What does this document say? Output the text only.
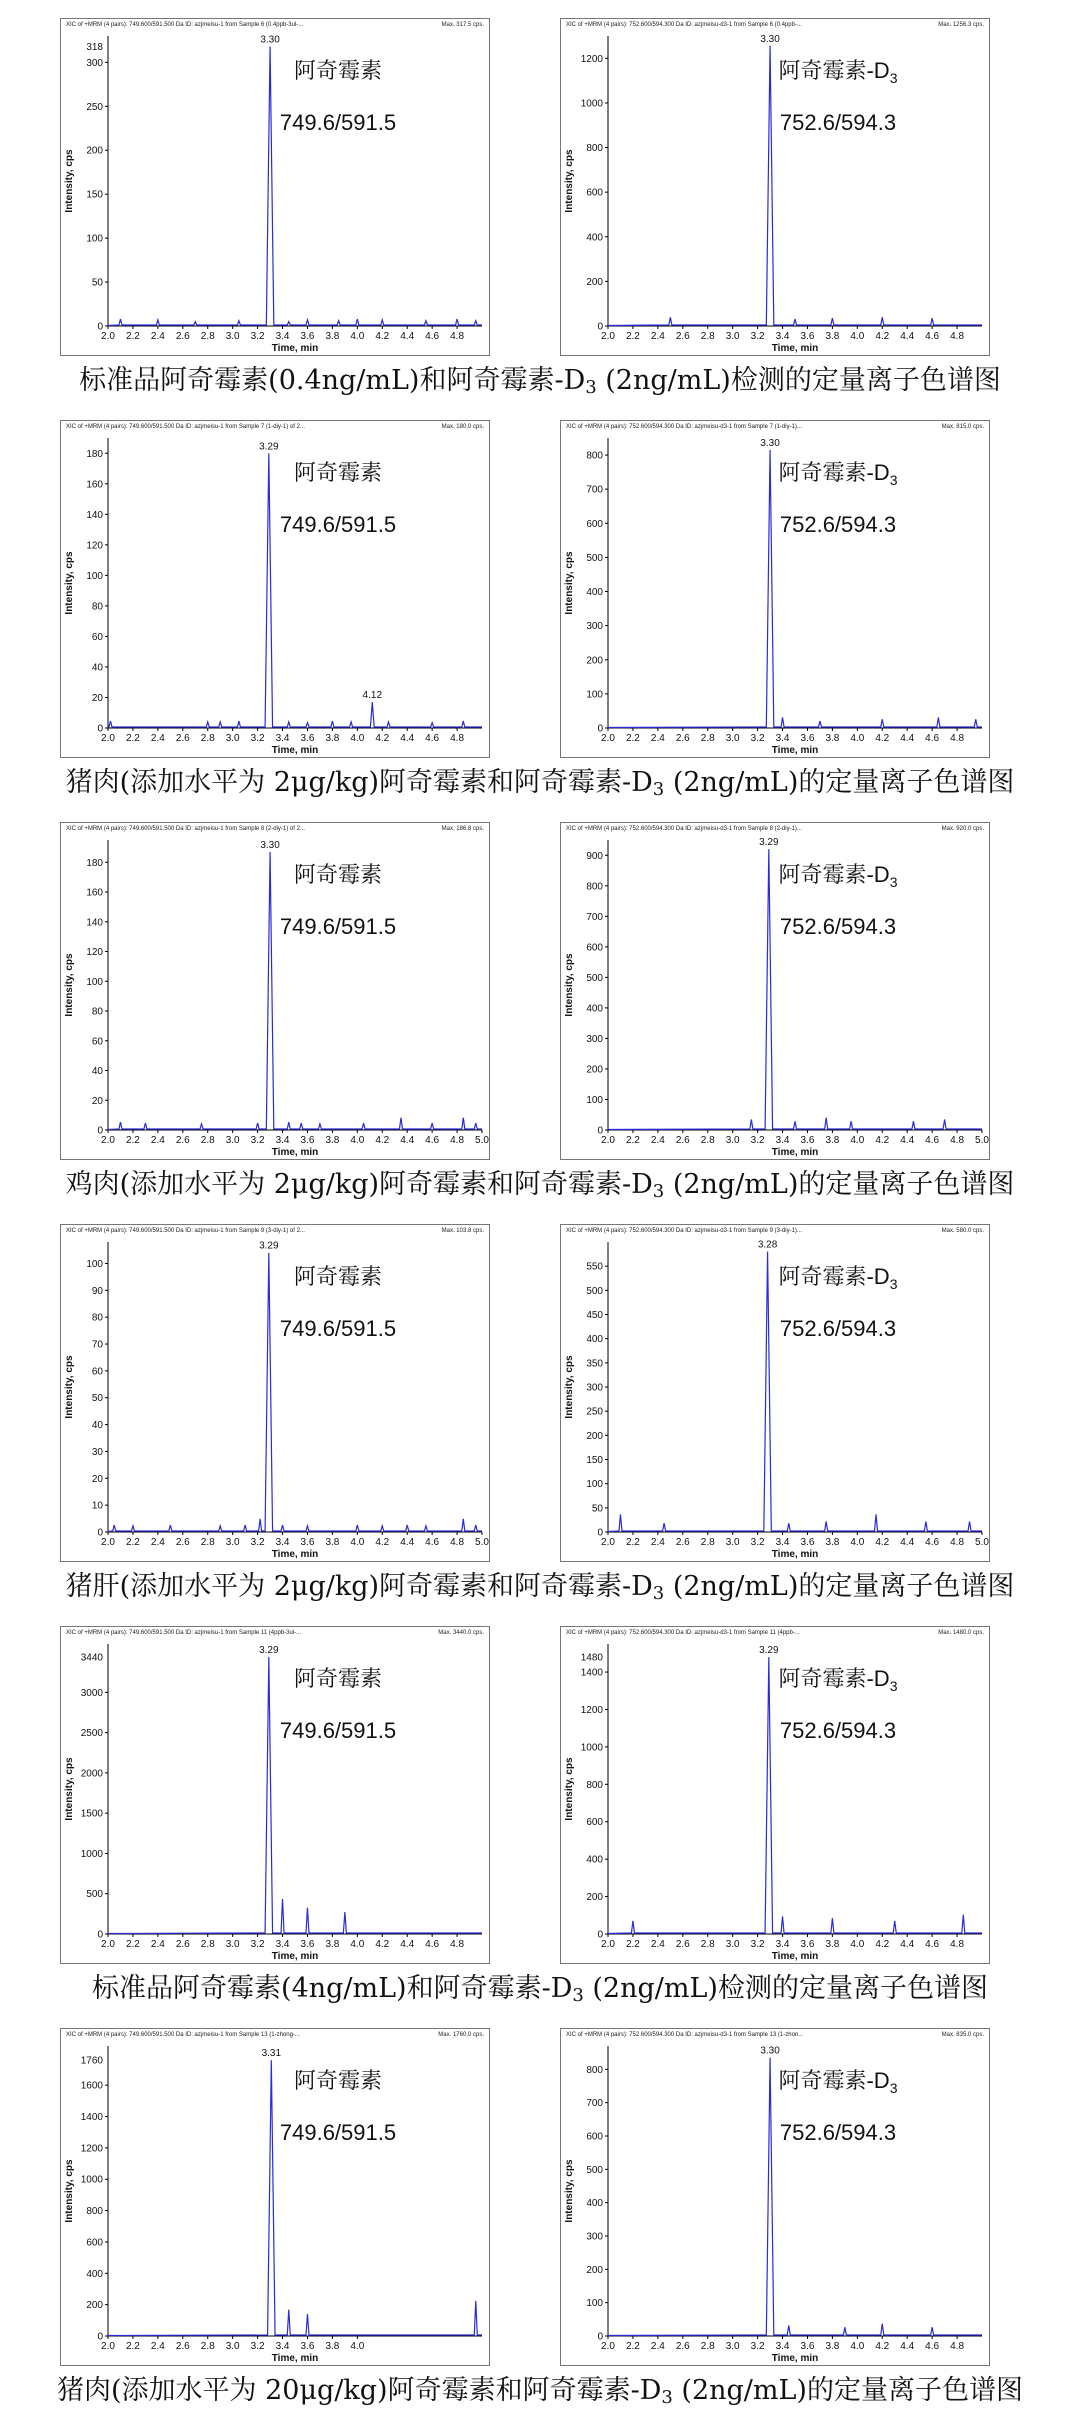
XIC of +MRM (4 pairs): 749.600/591.500 Da ID: azjmeisu-1 from Sample 6 (0.4ppb-3ul-...	Max. 317.5 cps.
0
50
100
150
200
250
300
318
2.0 2.2 2.4 2.6 2.8 3.0 3.2 3.4 3.6 3.8 4.0 4.2 4.4 4.6 4.8
Time, min
Intensity, cps
3.30
阿奇霉素
749.6/591.5
XIC of +MRM (4 pairs): 752.600/594.300 Da ID: azjmeisu-d3-1 from Sample 6 (0.4ppb-...	Max. 1256.3 cps.
0
200
400
600
800
1000
1200
2.0 2.2 2.4 2.6 2.8 3.0 3.2 3.4 3.6 3.8 4.0 4.2 4.4 4.6 4.8
Time, min
Intensity, cps
3.30
阿奇霉素$-D_3$
752.6/594.3
标准品阿奇霉素(0.4ng/mL)和阿奇霉素$-D_3$ (2ng/mL)检测的定量离子色谱图
XIC of +MRM (4 pairs): 749.600/591.500 Da ID: azjmeisu-1 from Sample 7 (1-diy-1) of 2...	Max. 180.0 cps.
0
20
40
60
80
100
120
140
160
180
2.0 2.2 2.4 2.6 2.8 3.0 3.2 3.4 3.6 3.8 4.0 4.2 4.4 4.6 4.8
Time, min
Intensity, cps
3.29
4.12
阿奇霉素
749.6/591.5
XIC of +MRM (4 pairs): 752.600/594.300 Da ID: azjmeisu-d3-1 from Sample 7 (1-diy-1)...	Max. 815.0 cps.
0
100
200
300
400
500
600
700
800
2.0 2.2 2.4 2.6 2.8 3.0 3.2 3.4 3.6 3.8 4.0 4.2 4.4 4.6 4.8
Time, min
Intensity, cps
3.30
阿奇霉素$-D_3$
752.6/594.3
猪肉(添加水平为 2μg/kg)阿奇霉素和阿奇霉素$-D_3$ (2ng/mL)的定量离子色谱图
XIC of +MRM (4 pairs): 749.600/591.500 Da ID: azjmeisu-1 from Sample 8 (2-diy-1) of 2...	Max. 186.8 cps.
0
20
40
60
80
100
120
140
160
180
2.0 2.2 2.4 2.6 2.8 3.0 3.2 3.4 3.6 3.8 4.0 4.2 4.4 4.6 4.8 5.0
Time, min
Intensity, cps
3.30
阿奇霉素
749.6/591.5
XIC of +MRM (4 pairs): 752.600/594.300 Da ID: azjmeisu-d3-1 from Sample 8 (2-diy-1)...	Max. 920.0 cps.
0
100
200
300
400
500
600
700
800
900
2.0 2.2 2.4 2.6 2.8 3.0 3.2 3.4 3.6 3.8 4.0 4.2 4.4 4.6 4.8 5.0
Time, min
Intensity, cps
3.29
阿奇霉素$-D_3$
752.6/594.3
鸡肉(添加水平为 2μg/kg)阿奇霉素和阿奇霉素$-D_3$ (2ng/mL)的定量离子色谱图
XIC of +MRM (4 pairs): 749.600/591.500 Da ID: azjmeisu-1 from Sample 9 (3-diy-1) of 2...	Max. 103.8 cps.
0
10
20
30
40
50
60
70
80
90
100
2.0 2.2 2.4 2.6 2.8 3.0 3.2 3.4 3.6 3.8 4.0 4.2 4.4 4.6 4.8 5.0
Time, min
Intensity, cps
3.29
阿奇霉素
749.6/591.5
XIC of +MRM (4 pairs): 752.600/594.300 Da ID: azjmeisu-d3-1 from Sample 9 (3-diy-1)...	Max. 580.0 cps.
0
50
100
150
200
250
300
350
400
450
500
550
2.0 2.2 2.4 2.6 2.8 3.0 3.2 3.4 3.6 3.8 4.0 4.2 4.4 4.6 4.8 5.0
Time, min
Intensity, cps
3.28
阿奇霉素$-D_3$
752.6/594.3
猪肝(添加水平为 2μg/kg)阿奇霉素和阿奇霉素$-D_3$ (2ng/mL)的定量离子色谱图
XIC of +MRM (4 pairs): 749.600/591.500 Da ID: azjmeisu-1 from Sample 11 (4ppb-3ul-...	Max. 3440.0 cps.
0
500
1000
1500
2000
2500
3000
3440
2.0 2.2 2.4 2.6 2.8 3.0 3.2 3.4 3.6 3.8 4.0 4.2 4.4 4.6 4.8
Time, min
Intensity, cps
3.29
阿奇霉素
749.6/591.5
XIC of +MRM (4 pairs): 752.600/594.300 Da ID: azjmeisu-d3-1 from Sample 11 (4ppb-...	Max. 1480.0 cps.
0
200
400
600
800
1000
1200
1400
1480
2.0 2.2 2.4 2.6 2.8 3.0 3.2 3.4 3.6 3.8 4.0 4.2 4.4 4.6 4.8
Time, min
Intensity, cps
3.29
阿奇霉素$-D_3$
752.6/594.3
标准品阿奇霉素(4ng/mL)和阿奇霉素$-D_3$ (2ng/mL)检测的定量离子色谱图
XIC of +MRM (4 pairs): 749.600/591.500 Da ID: azjmeisu-1 from Sample 13 (1-zhong-...	Max. 1760.0 cps.
0
200
400
600
800
1000
1200
1400
1600
1760
2.0 2.2 2.4 2.6 2.8 3.0 3.2 3.4 3.6 3.8 4.0
Time, min
Intensity, cps
3.31
阿奇霉素
749.6/591.5
XIC of +MRM (4 pairs): 752.600/594.300 Da ID: azjmeisu-d3-1 from Sample 13 (1-zhon...	Max. 835.0 cps.
0
100
200
300
400
500
600
700
800
2.0 2.2 2.4 2.6 2.8 3.0 3.2 3.4 3.6 3.8 4.0 4.2 4.4 4.6 4.8
Time, min
Intensity, cps
3.30
阿奇霉素$-D_3$
752.6/594.3
猪肉(添加水平为 20μg/kg)阿奇霉素和阿奇霉素$-D_3$ (2ng/mL)的定量离子色谱图
